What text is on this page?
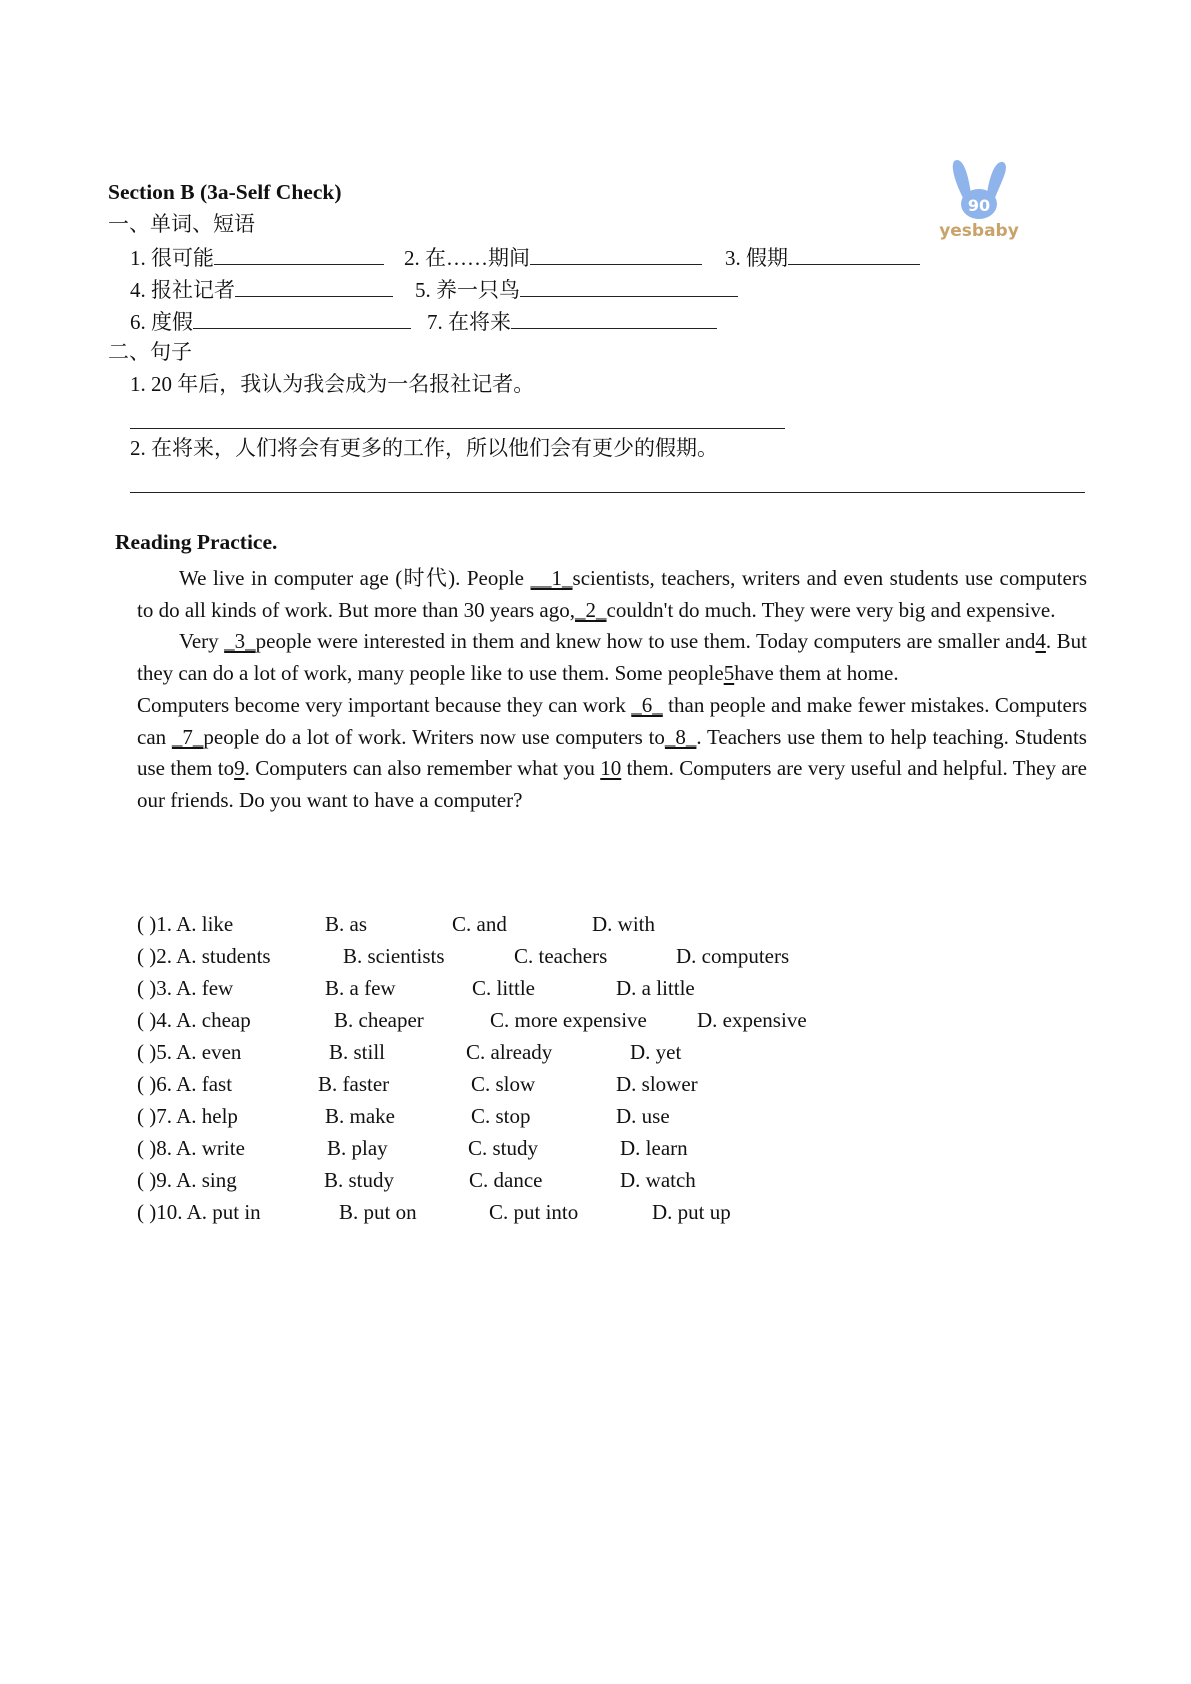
90
yesbaby
Section B (3a-Self Check)
一、单词、短语
1. 很可能	2. 在……期间	3. 假期
4. 报社记者	5. 养一只鸟
6. 度假	7. 在将来
二、句子
1. 20 年后，我认为我会成为一名报社记者。
2. 在将来，人们将会有更多的工作，所以他们会有更少的假期。
Reading Practice.

We live in computer age (时代). People __1_scientists, teachers, writers and even students use computers to do all kinds of work. But more than 30 years ago,_2_couldn't do much. They were very big and expensive.

Very _3_people were interested in them and knew how to use them. Today computers are smaller and4. But they can do a lot of work, many people like to use them. Some people5have them at home.

Computers become very important because they can work _6_ than people and make fewer mistakes. Computers can _7_people do a lot of work. Writers now use computers to_8_. Teachers use them to help teaching. Students use them to9. Computers can also remember what you 10 them. Computers are very useful and helpful. They are our friends. Do you want to have a computer?

( )1. A. like	B. as	C. and	D. with
( )2. A. students	B. scientists	C. teachers	D. computers
( )3. A. few	B. a few	C. little	D. a little
( )4. A. cheap	B. cheaper	C. more expensive D. expensive
( )5. A. even	B. still	C. already	D. yet
( )6. A. fast	B. faster	C. slow	D. slower
( )7. A. help	B. make	C. stop	D. use
( )8. A. write	B. play	C. study	D. learn
( )9. A. sing	B. study	C. dance	D. watch
( )10. A. put in	B. put on	C. put into	D. put up
